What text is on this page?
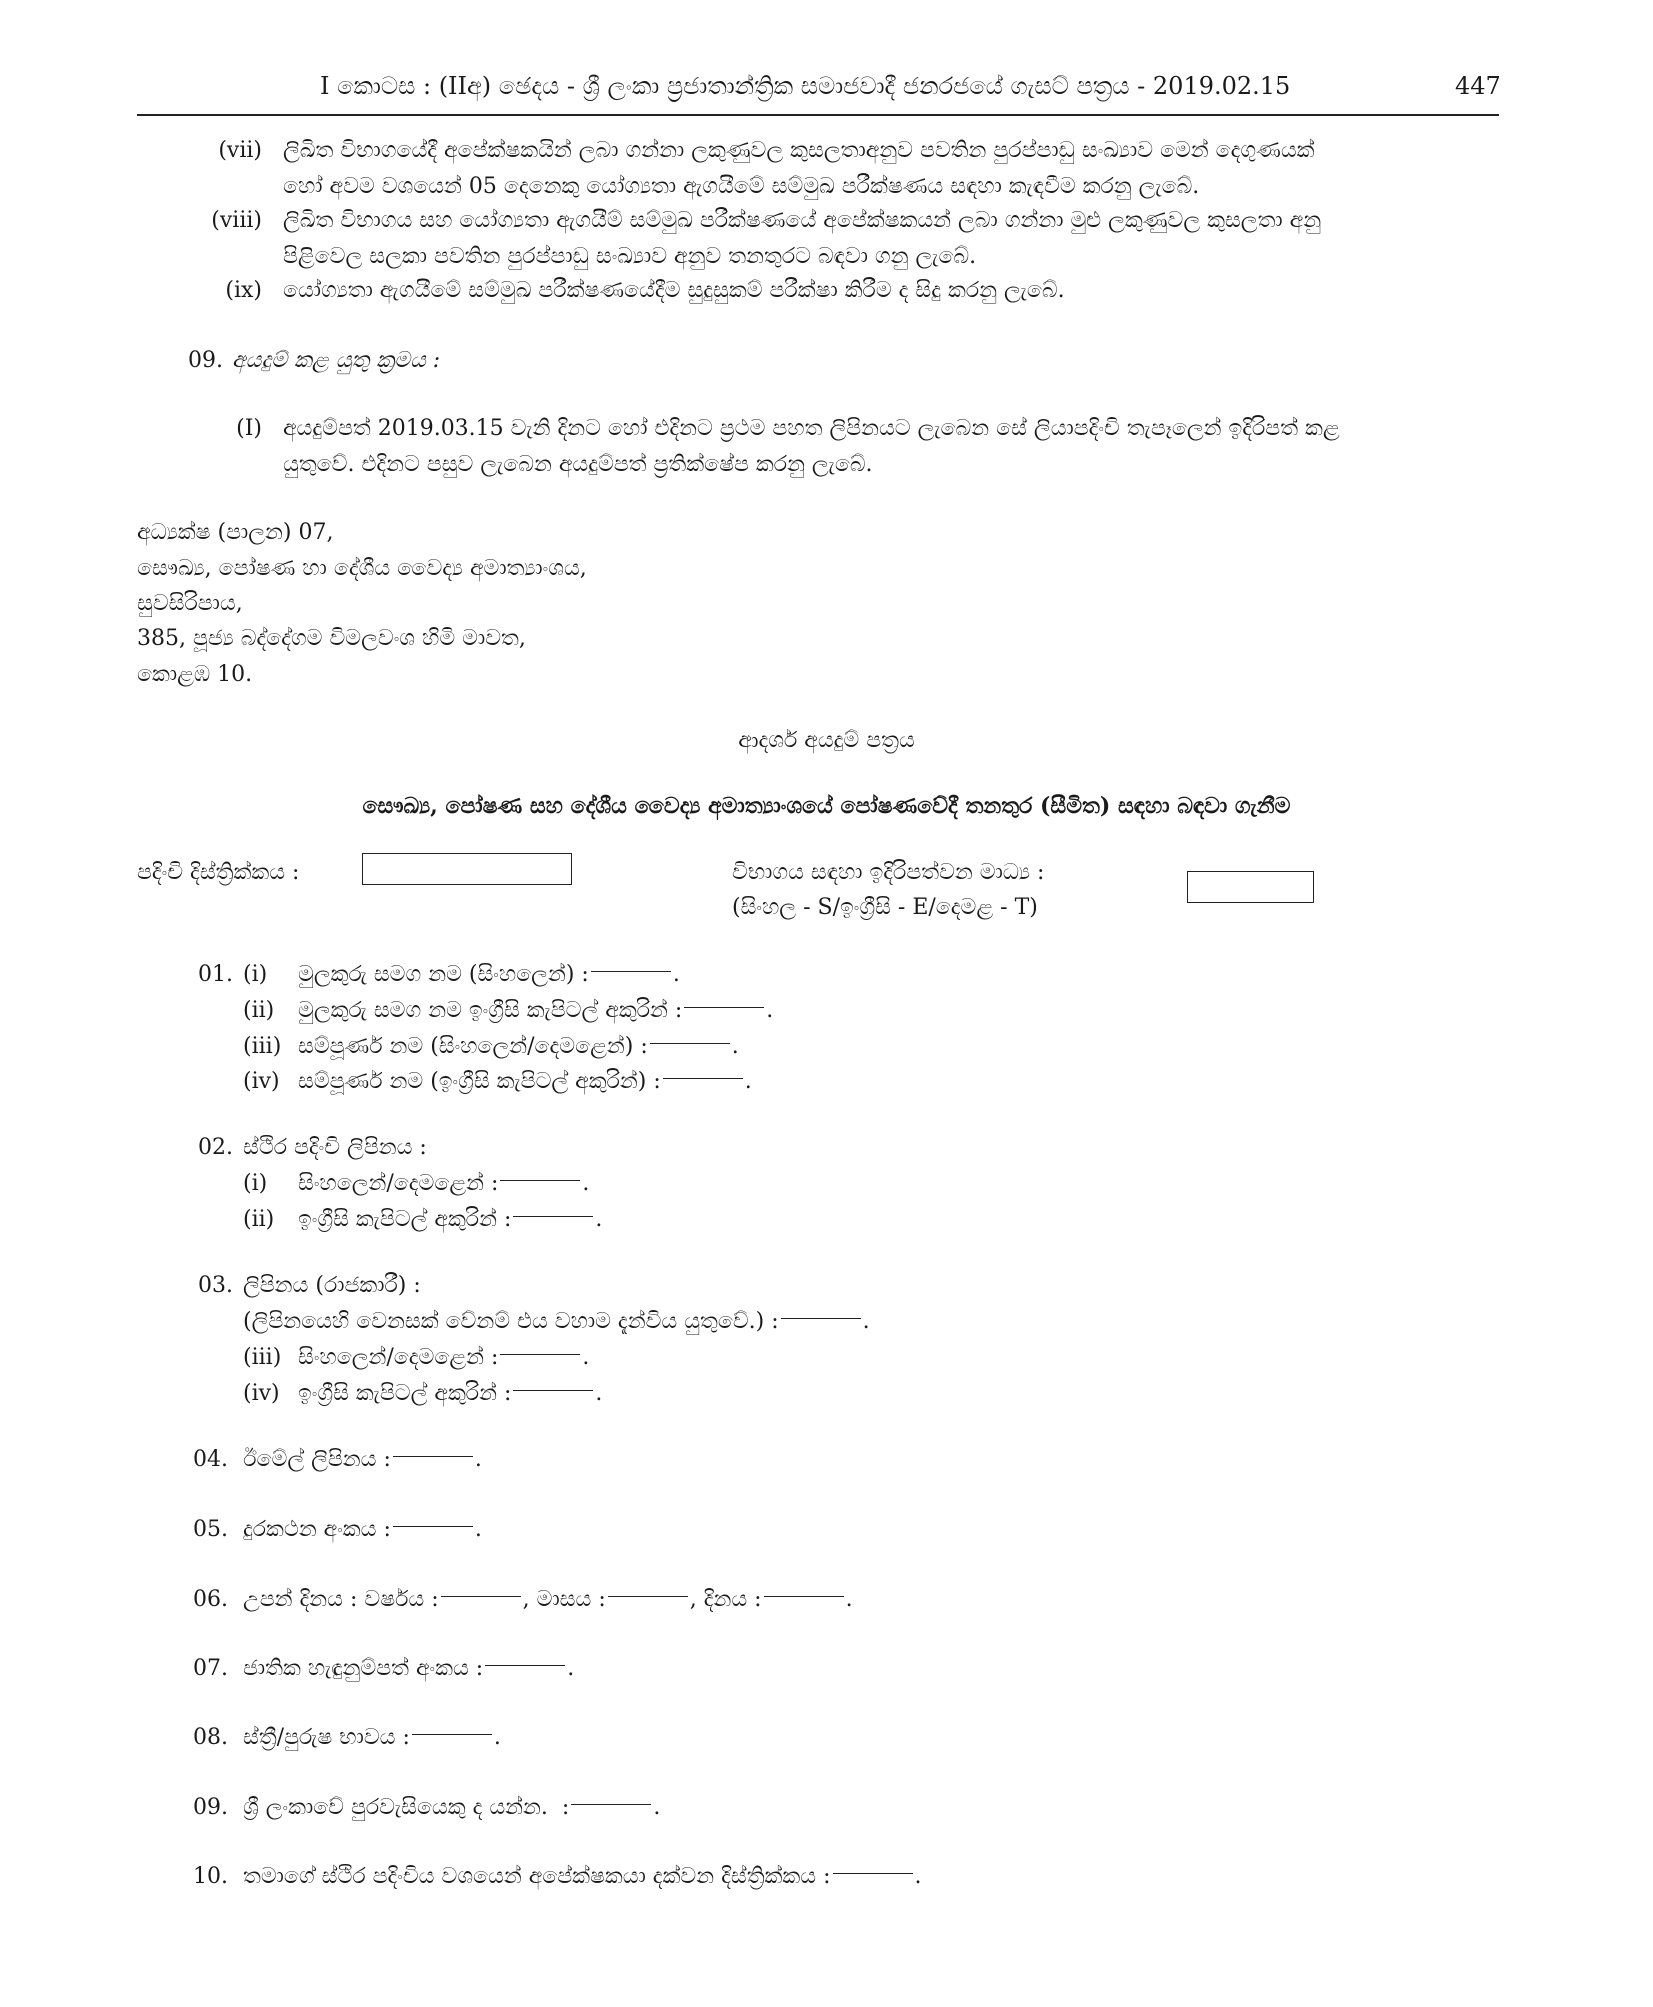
I කොටස : (IIඅ) ඡෙදය - ශ්‍රී ලංකා ප්‍රජාතාන්ත්‍රික සමාජවාදී ජනරජයේ ගැසට් පත්‍රය - 2019.02.15	447
(vii) ලිඛිත විභාගයේදී අපේක්ෂකයින් ලබා ගන්නා ලකුණුවල කුසලතාඅනුව පවතින පුරප්පාඩු සංඛ්‍යාව මෙන් දෙගුණයක්
හෝ අවම වශයෙන් 05 දෙනෙකු යෝග්‍යතා ඇගයීමේ සම්මුඛ පරීක්ෂණය සඳහා කැඳවීම කරනු ලැබේ.
(viii) ලිඛිත විභාගය සහ යෝග්‍යතා ඇගයීම් සම්මුඛ පරීක්ෂණයේ අපේක්ෂකයන් ලබා ගන්නා මුළු ලකුණුවල කුසලතා අනු
පිළිවෙල සලකා පවතින පුරප්පාඩු සංඛ්‍යාව අනුව තනතුරට බඳවා ගනු ලැබේ.
(ix) යෝග්‍යතා ඇගයීමේ සම්මුඛ පරීක්ෂණයේදීම සුදුසුකම් පරීක්ෂා කිරීම ද සිදු කරනු ලැබේ.
09. අයදුම් කළ යුතු ක්‍රමය :
(I) අයදුම්පත් 2019.03.15 වැනි දිනට හෝ එදිනට ප්‍රථම පහත ලිපිනයට ලැබෙන සේ ලියාපදිංචි තැපෑලෙන් ඉදිරිපත් කළ
යුතුවේ. එදිනට පසුව ලැබෙන අයදුම්පත් ප්‍රතික්ෂේප කරනු ලැබේ.
අධ්‍යක්ෂ (පාලන) 07,
සෞඛ්‍ය, පෝෂණ හා දේශීය වෛද්‍ය අමාත්‍යාංශය,
සුවසිරිපාය,
385, පූජ්‍ය බද්දේගම විමලවංශ හිමි මාවත,
කොළඹ 10.
ආදර්ශ අයදුම් පත්‍රය
සෞඛ්‍ය, පෝෂණ සහ දේශීය වෛද්‍ය අමාත්‍යාංශයේ පෝෂණවේදී තනතුර (සීමිත) සඳහා බඳවා ගැනීම
පදිංචි දිස්ත්‍රික්කය :	විභාගය සඳහා ඉදිරිපත්වන මාධ්‍ය :
(සිංහල - S/ඉංග්‍රීසි - E/දෙමළ - T)
01. (i) මුලකුරු සමග නම (සිංහලෙන්) :	.
(ii) මුලකුරු සමග නම ඉංග්‍රීසි කැපිටල් අකුරින් :	.
(iii) සම්පූර්ණ නම (සිංහලෙන්/දෙමළෙන්) :	.
(iv) සම්පූර්ණ නම (ඉංග්‍රීසි කැපිටල් අකුරින්) :	.
02. ස්ථිර පදිංචි ලිපිනය :
(i) සිංහලෙන්/දෙමළෙන් :	.
(ii) ඉංග්‍රීසි කැපිටල් අකුරින් :	.
03. ලිපිනය (රාජකාරී) :
(ලිපිනයෙහි වෙනසක් වේනම් එය වහාම දැන්විය යුතුවේ.) :	.
(iii) සිංහලෙන්/දෙමළෙන් :	.
(iv) ඉංග්‍රීසි කැපිටල් අකුරින් :	.
04. ඊමේල් ලිපිනය :	.
05. දුරකථන අංකය :	.
06. උපන් දිනය : වර්ෂය :	, මාසය :	, දිනය :	.
07. ජාතික හැඳුනුම්පත් අංකය :	.
08. ස්ත්‍රී/පුරුෂ භාවය :	.
09. ශ්‍රී ලංකාවේ පුරවැසියෙකු ද යන්න.  :	.
10. තමාගේ ස්ථිර පදිංචිය වශයෙන් අපේක්ෂකයා දක්වන දිස්ත්‍රික්කය :	.
